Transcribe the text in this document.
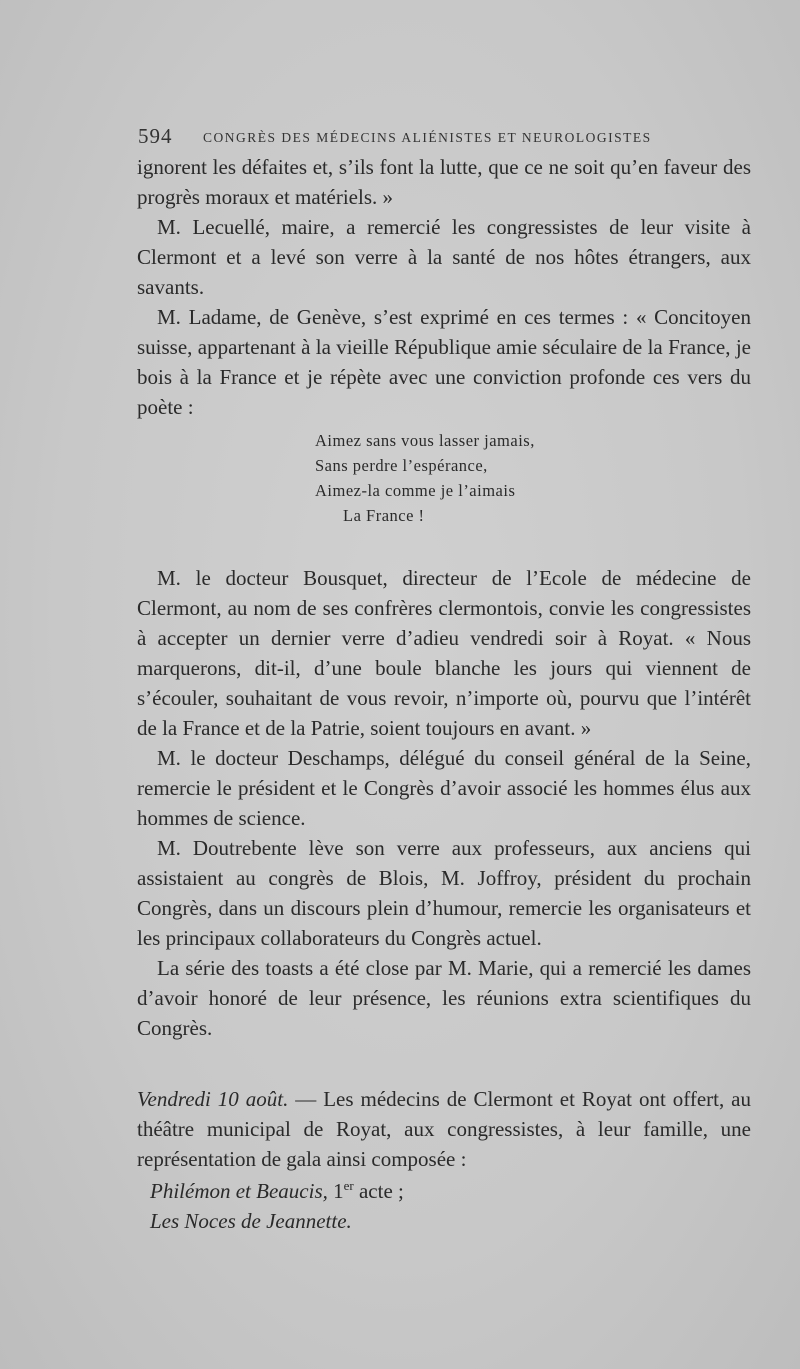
594 CONGRÈS DES MÉDECINS ALIÉNISTES ET NEUROLOGISTES

ignorent les défaites et, s’ils font la lutte, que ce ne soit qu’en faveur des progrès moraux et matériels. »

M. Lecuellé, maire, a remercié les congressistes de leur visite à Clermont et a levé son verre à la santé de nos hôtes étrangers, aux savants.

M. Ladame, de Genève, s’est exprimé en ces termes : « Concitoyen suisse, appartenant à la vieille République amie séculaire de la France, je bois à la France et je répète avec une conviction profonde ces vers du poète :

Aimez sans vous lasser jamais,
Sans perdre l’espérance,
Aimez-la comme je l’aimais
La France !

M. le docteur Bousquet, directeur de l’Ecole de médecine de Clermont, au nom de ses confrères clermontois, convie les congressistes à accepter un dernier verre d’adieu vendredi soir à Royat. « Nous marquerons, dit-il, d’une boule blanche les jours qui viennent de s’écouler, souhaitant de vous revoir, n’importe où, pourvu que l’intérêt de la France et de la Patrie, soient toujours en avant. »

M. le docteur Deschamps, délégué du conseil général de la Seine, remercie le président et le Congrès d’avoir associé les hommes élus aux hommes de science.

M. Doutrebente lève son verre aux professeurs, aux anciens qui assistaient au congrès de Blois, M. Joffroy, président du prochain Congrès, dans un discours plein d’humour, remercie les organisateurs et les principaux collaborateurs du Congrès actuel.

La série des toasts a été close par M. Marie, qui a remercié les dames d’avoir honoré de leur présence, les réunions extra scientifiques du Congrès.

Vendredi 10 août. — Les médecins de Clermont et Royat ont offert, au théâtre municipal de Royat, aux congressistes, à leur famille, une représentation de gala ainsi composée :

Philémon et Beaucis, 1er acte ;
Les Noces de Jeannette.
